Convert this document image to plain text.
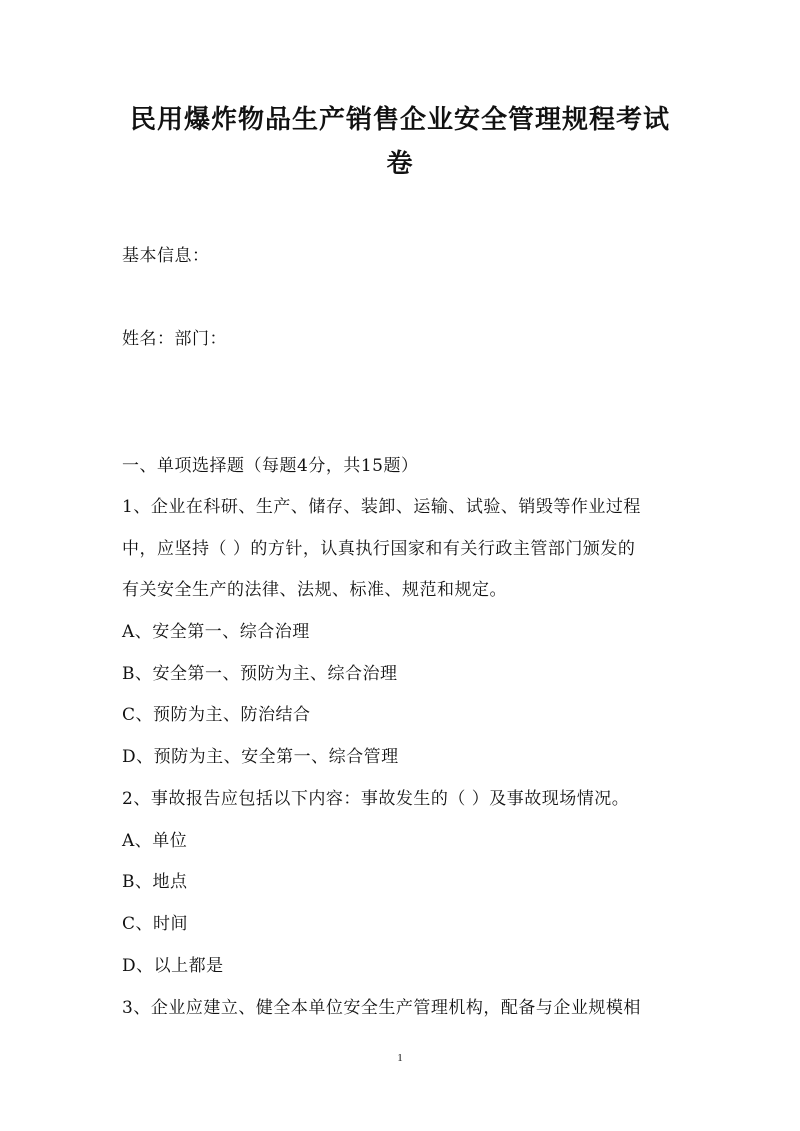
民用爆炸物品生产销售企业安全管理规程考试
卷
基本信息：
姓名：部门：
一、单项选择题（每题4分，共15题）
1、企业在科研、生产、储存、装卸、运输、试验、销毁等作业过程
中，应坚持（ ）的方针，认真执行国家和有关行政主管部门颁发的
有关安全生产的法律、法规、标准、规范和规定。
A、安全第一、综合治理
B、安全第一、预防为主、综合治理
C、预防为主、防治结合
D、预防为主、安全第一、综合管理
2、事故报告应包括以下内容：事故发生的（ ）及事故现场情况。
A、单位
B、地点
C、时间
D、以上都是
3、企业应建立、健全本单位安全生产管理机构，配备与企业规模相
1
